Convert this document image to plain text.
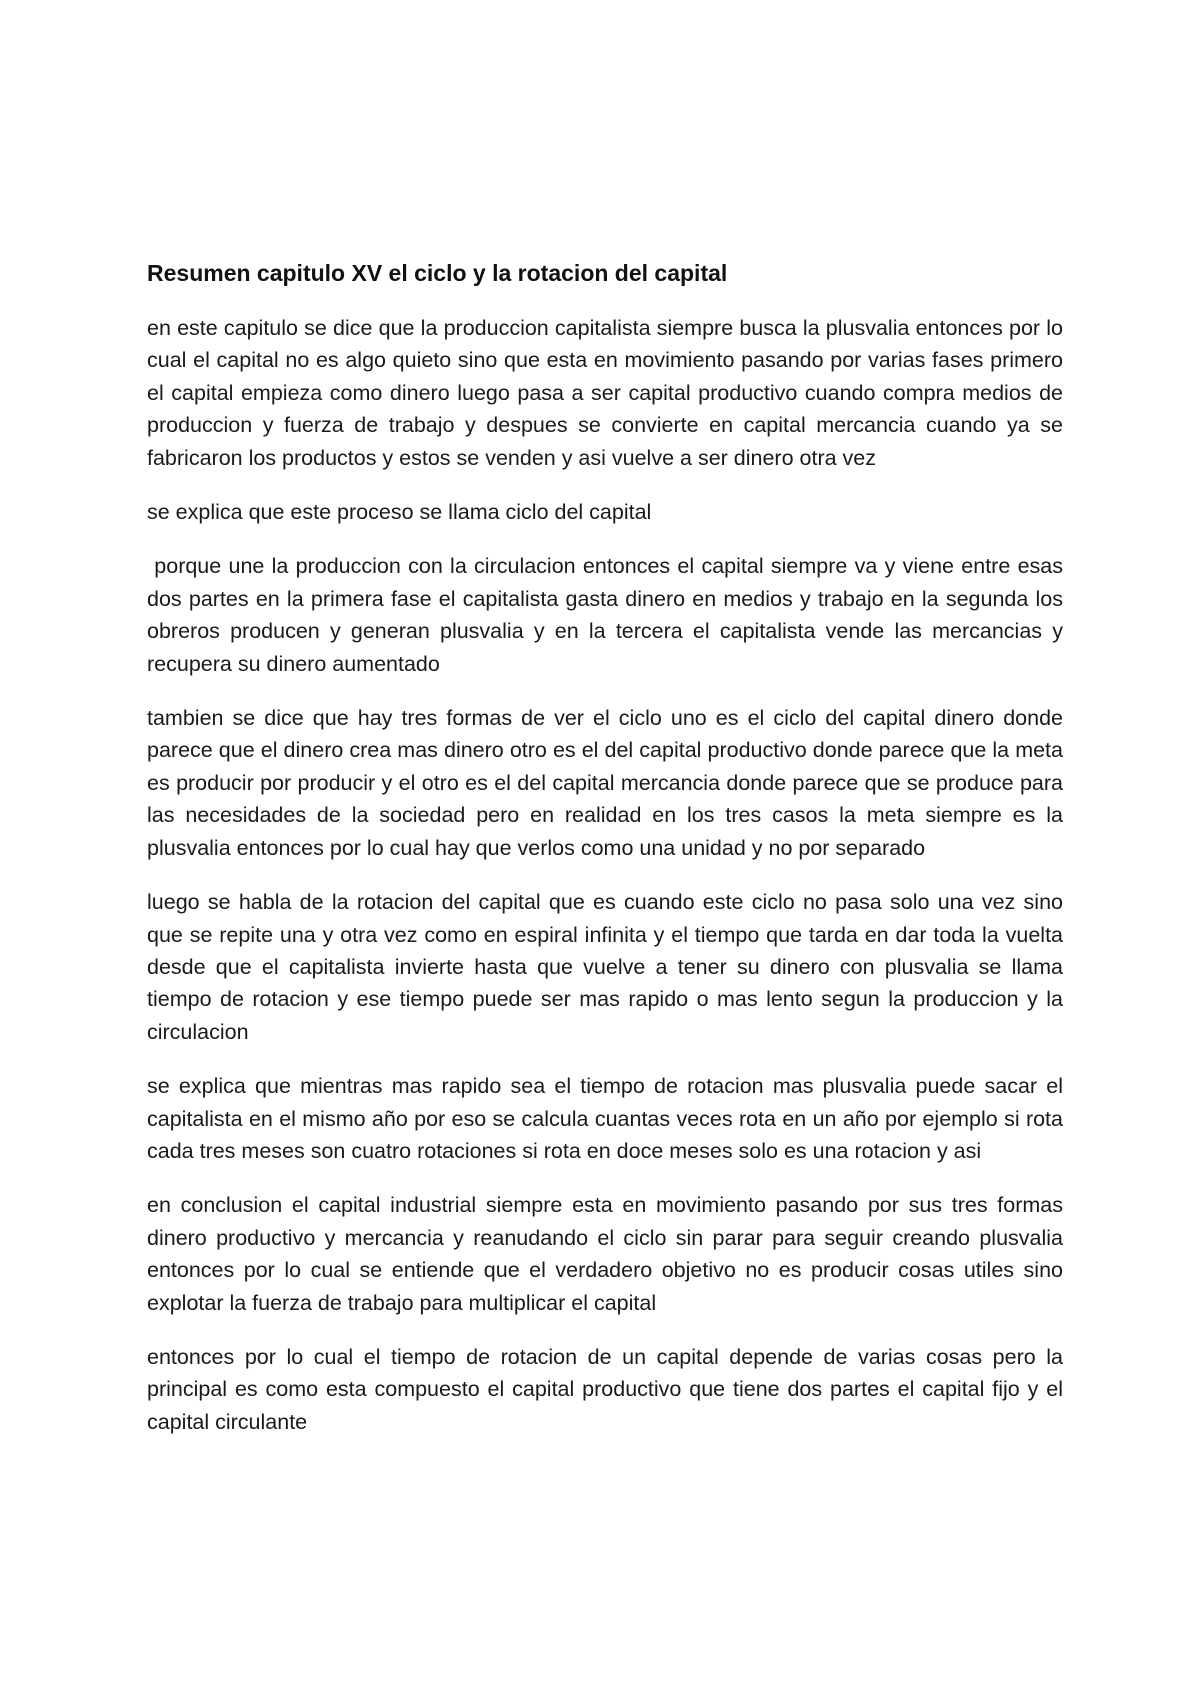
Resumen capitulo XV el ciclo y la rotacion del capital

en este capitulo se dice que la produccion capitalista siempre busca la plusvalia entonces por lo cual el capital no es algo quieto sino que esta en movimiento pasando por varias fases primero el capital empieza como dinero luego pasa a ser capital productivo cuando compra medios de produccion y fuerza de trabajo y despues se convierte en capital mercancia cuando ya se fabricaron los productos y estos se venden y asi vuelve a ser dinero otra vez

se explica que este proceso se llama ciclo del capital

porque une la produccion con la circulacion entonces el capital siempre va y viene entre esas dos partes en la primera fase el capitalista gasta dinero en medios y trabajo en la segunda los obreros producen y generan plusvalia y en la tercera el capitalista vende las mercancias y recupera su dinero aumentado

tambien se dice que hay tres formas de ver el ciclo uno es el ciclo del capital dinero donde parece que el dinero crea mas dinero otro es el del capital productivo donde parece que la meta es producir por producir y el otro es el del capital mercancia donde parece que se produce para las necesidades de la sociedad pero en realidad en los tres casos la meta siempre es la plusvalia entonces por lo cual hay que verlos como una unidad y no por separado

luego se habla de la rotacion del capital que es cuando este ciclo no pasa solo una vez sino que se repite una y otra vez como en espiral infinita y el tiempo que tarda en dar toda la vuelta desde que el capitalista invierte hasta que vuelve a tener su dinero con plusvalia se llama tiempo de rotacion y ese tiempo puede ser mas rapido o mas lento segun la produccion y la circulacion

se explica que mientras mas rapido sea el tiempo de rotacion mas plusvalia puede sacar el capitalista en el mismo año por eso se calcula cuantas veces rota en un año por ejemplo si rota cada tres meses son cuatro rotaciones si rota en doce meses solo es una rotacion y asi

en conclusion el capital industrial siempre esta en movimiento pasando por sus tres formas dinero productivo y mercancia y reanudando el ciclo sin parar para seguir creando plusvalia entonces por lo cual se entiende que el verdadero objetivo no es producir cosas utiles sino explotar la fuerza de trabajo para multiplicar el capital

entonces por lo cual el tiempo de rotacion de un capital depende de varias cosas pero la principal es como esta compuesto el capital productivo que tiene dos partes el capital fijo y el capital circulante
